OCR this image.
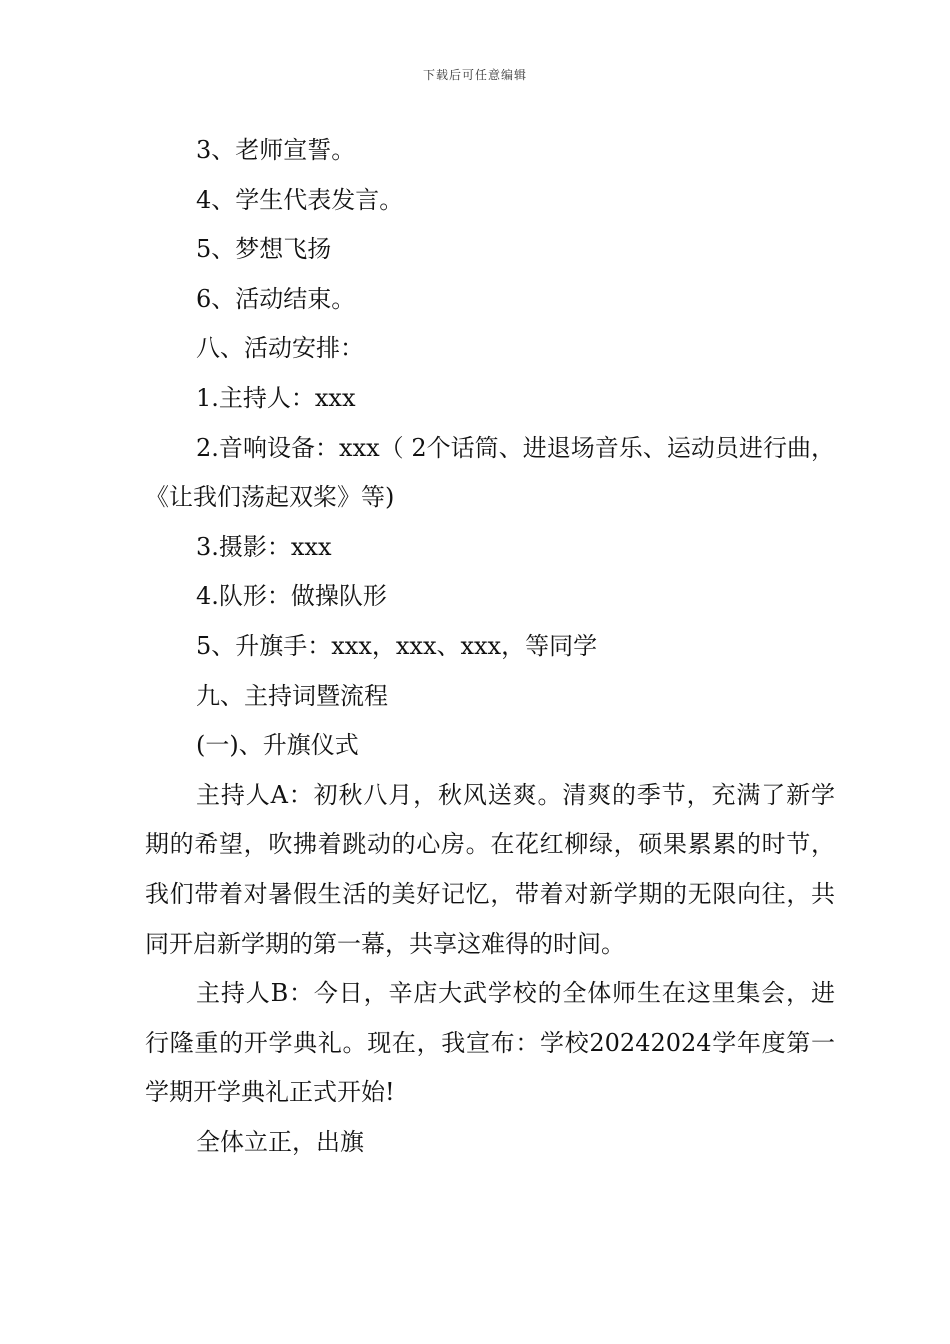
下载后可任意编辑

3、老师宣誓。

4、学生代表发言。

5、梦想飞扬

6、活动结束。

八、活动安排：

1.主持人：xxx

2.音响设备：xxx（ 2个话筒、进退场音乐、运动员进行曲，《让我们荡起双桨》等)

3.摄影：xxx

4.队形：做操队形

5、升旗手：xxx，xxx、xxx，等同学

九、主持词暨流程

(一)、升旗仪式

主持人A：初秋八月，秋风送爽。清爽的季节，充满了新学期的希望，吹拂着跳动的心房。在花红柳绿，硕果累累的时节，我们带着对暑假生活的美好记忆，带着对新学期的无限向往，共同开启新学期的第一幕，共享这难得的时间。

主持人B：今日，辛店大武学校的全体师生在这里集会，进行隆重的开学典礼。现在，我宣布：学校20242024学年度第一学期开学典礼正式开始!

全体立正，出旗
